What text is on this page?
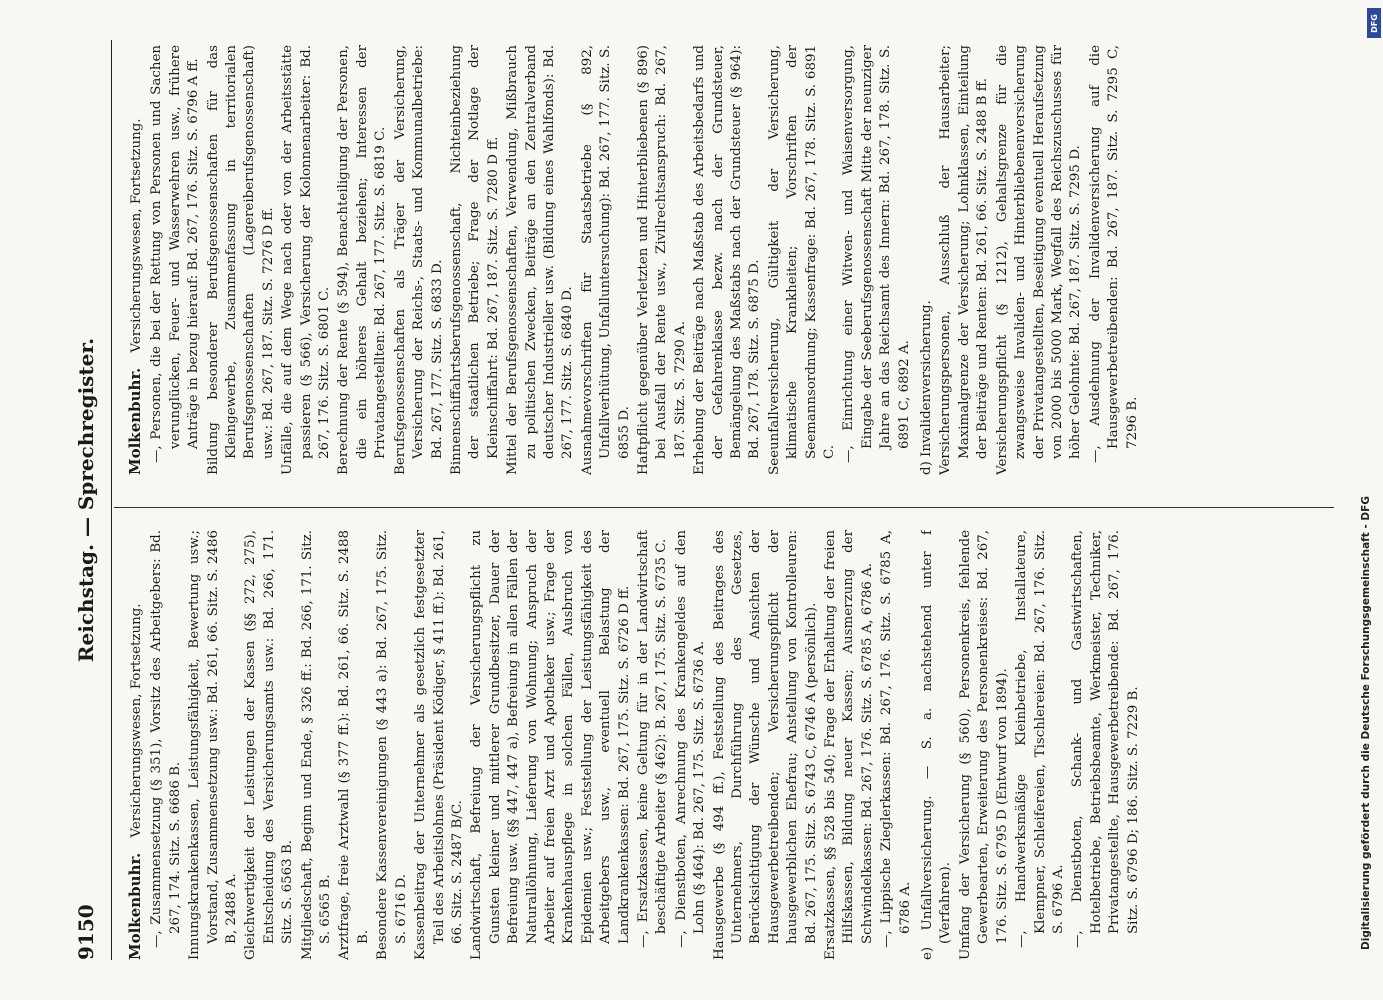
9150
Reichstag. — Sprechregister.
Molkenbuhr. Versicherungswesen, Fortsetzung. —, Zusammensetzung (§ 351), Vorsitz des Arbeitgebers: Bd. 267, 174. Sitz. S. 6686 B. Innungskrankenkassen, Leistungsfähigkeit, Bewertung usw.; Vorstand, Zusammensetzung usw.: Bd. 261, 66. Sitz. S. 2486 B, 2488 A. Gleichwertigkeit der Leistungen der Kassen (§§ 272, 275), Entscheidung des Versicherungsamts usw.: Bd. 266, 171. Sitz. S. 6563 B. Mitgliedschaft, Beginn und Ende, § 326 ff.: Bd. 266, 171. Sitz. S. 6565 B. Arztfrage, freie Arztwahl (§ 377 ff.): Bd. 261, 66. Sitz. S. 2488 B. Besondere Kassenvereinigungen (§ 443 a): Bd. 267, 175. Sitz. S. 6716 D. Kassenbeitrag der Unternehmer als gesetzlich festgesetzter Teil des Arbeitslohnes (Präsident Ködiger, § 411 ff.): Bd. 261, 66. Sitz. S. 2487 B/C. Landwirtschaft, Befreiung der Versicherungspflicht zu Gunsten kleiner und mittlerer Grundbesitzer, Dauer der Befreiung usw. (§§ 447, 447 a), Befreiung in allen Fällen der Naturallöhnung, Lieferung von Wohnung; Anspruch der Arbeiter auf freien Arzt und Apotheker usw.; Frage der Krankenhauspflege in solchen Fällen, Ausbruch von Epidemien usw.; Feststellung der Leistungsfähigkeit des Arbeitgebers usw., eventuell Belastung der Landkrankenkassen: Bd. 267, 175. Sitz. S. 6726 D ff. —, Ersatzkassen, keine Geltung für in der Landwirtschaft beschäftigte Arbeiter (§ 462): B. 267, 175. Sitz. S. 6735 C. —, Dienstboten, Anrechnung des Krankengeldes auf den Lohn (§ 464): Bd. 267, 175. Sitz. S. 6736 A. Hausgewerbe (§ 494 ff.), Feststellung des Beitrages des Unternehmers, Durchführung des Gesetzes, Berücksichtigung der Wünsche und Ansichten der Hausgewerbetreibenden; Versicherungspflicht der hausgewerblichen Ehefrau; Anstellung von Kontrolleuren: Bd. 267, 175. Sitz. S. 6743 C, 6746 A (persönlich). Ersatzkassen, §§ 528 bis 540; Frage der Erhaltung der freien Hilfskassen, Bildung neuer Kassen; Ausmerzung der Schwindelkassen: Bd. 267, 176. Sitz. S. 6785 A, 6786 A. —, Lippische Zieglerkassen: Bd. 267, 176. Sitz. S. 6785 A, 6786 A. e) Unfallversicherung. — S. a. nachstehend unter f (Verfahren). Umfang der Versicherung (§ 560), Personenkreis, fehlende Gewerbearten, Erweiterung des Personenkreises: Bd. 267, 176. Sitz. S. 6795 D (Entwurf von 1894). —, Handwerksmäßige Kleinbetriebe, Installateure, Klempner, Schleifereien, Tischlereien: Bd. 267, 176. Sitz. S. 6796 A. —, Dienstboten, Schank- und Gastwirtschaften, Hotelbetriebe, Betriebsbeamte, Werkmeister, Techniker, Privatangestellte, Hausgewerbetreibende: Bd. 267, 176. Sitz. S. 6796 D; 186. Sitz. S. 7229 B.
Molkenbuhr. Versicherungswesen, Fortsetzung. —, Personen, die bei der Rettung von Personen und Sachen verunglücken, Feuer- und Wasserwehren usw., frühere Anträge in bezug hierauf: Bd. 267, 176. Sitz. S. 6796 A ff. Bildung besonderer Berufsgenossenschaften für das Kleingewerbe, Zusammenfassung in territorialen Berufsgenossenschaften (Lagereiberufsgenossenschaft) usw.: Bd. 267, 187. Sitz. S. 7276 D ff. Unfälle, die auf dem Wege nach oder von der Arbeitsstätte passieren (§ 566), Versicherung der Kolonnenarbeiter: Bd. 267, 176. Sitz. S. 6801 C. Berechnung der Rente (§ 594), Benachteiligung der Personen, die ein höheres Gehalt beziehen; Interessen der Privatangestellten: Bd. 267, 177. Sitz. S. 6819 C. Berufsgenossenschaften als Träger der Versicherung, Versicherung der Reichs-, Staats- und Kommunalbetriebe: Bd. 267, 177. Sitz. S. 6833 D. Binnenschiffahrtsberufsgenossenschaft, Nichteinbeziehung der staatlichen Betriebe; Frage der Notlage der Kleinschiffahrt: Bd. 267, 187. Sitz. S. 7280 D ff. Mittel der Berufsgenossenschaften, Verwendung, Mißbrauch zu politischen Zwecken, Beiträge an den Zentralverband deutscher Industrieller usw. (Bildung eines Wahlfonds): Bd. 267, 177. Sitz. S. 6840 D. Ausnahmevorschriften für Staatsbetriebe (§ 892, Unfallverhütung, Unfalluntersuchung): Bd. 267, 177. Sitz. S. 6855 D. Haftpflicht gegenüber Verletzten und Hinterbliebenen (§ 896) bei Ausfall der Rente usw., Zivilrechtsanspruch: Bd. 267, 187. Sitz. S. 7290 A. Erhebung der Beiträge nach Maßstab des Arbeitsbedarfs und der Gefahrenklasse bezw. nach der Grundsteuer, Bemängelung des Maßstabs nach der Grundsteuer (§ 964): Bd. 267, 178. Sitz. S. 6875 D. Seeunfallversicherung, Gültigkeit der Versicherung, klimatische Krankheiten; Vorschriften der Seemannsordnung; Kassenfrage: Bd. 267, 178. Sitz. S. 6891 C. —, Einrichtung einer Witwen- und Waisenversorgung, Eingabe der Seeberufsgenossenschaft Mitte der neunziger Jahre an das Reichsamt des Innern: Bd. 267, 178. Sitz. S. 6891 C, 6892 A. d) Invalidenversicherung. Versicherungspersonen, Ausschluß der Hausarbeiter; Maximalgrenze der Versicherung; Lohnklassen, Einteilung der Beiträge und Renten: Bd. 261, 66. Sitz. S. 2488 B ff. Versicherungspflicht (§ 1212), Gehaltsgrenze für die zwangsweise Invaliden- und Hinterbliebenenversicherung der Privatangestellten, Beseitigung eventuell Heraufsetzung von 2000 bis 5000 Mark, Wegfall des Reichszuschusses für höher Gelohnte: Bd. 267, 187. Sitz. S. 7295 D. —, Ausdehnung der Invalidenversicherung auf die Hausgewerbetreibenden: Bd. 267, 187. Sitz. S. 7295 C, 7296 B.
DFG
Digitalisierung gefördert durch die Deutsche Forschungsgemeinschaft - DFG
